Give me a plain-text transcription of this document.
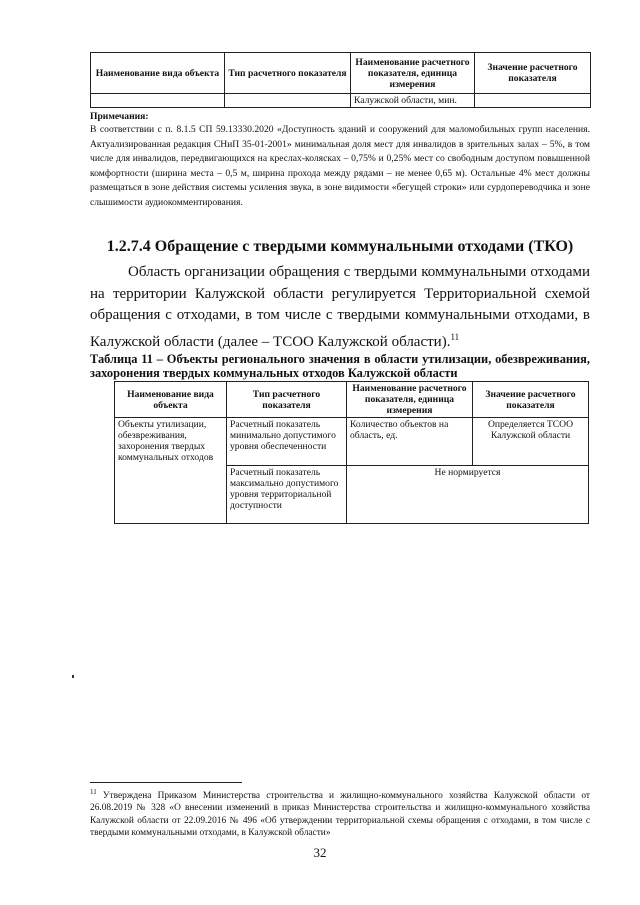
Наименование вида объекта	Тип расчетного показателя	Наименование расчетного показателя, единица измерения	Значение расчетного показателя
		Калужской области, мин.	
Примечания:
В соответствии с п. 8.1.5 СП 59.13330.2020 «Доступность зданий и сооружений для маломобильных групп населения. Актуализированная редакция СНиП 35-01-2001» минимальная доля мест для инвалидов в зрительных залах – 5%, в том числе для инвалидов, передвигающихся на креслах-колясках – 0,75% и 0,25% мест со свободным доступом повышенной комфортности (ширина места – 0,5 м, ширина прохода между рядами – не менее 0,65 м). Остальные 4% мест должны размещаться в зоне действия системы усиления звука, в зоне видимости «бегущей строки» или сурдопереводчика и зоне слышимости аудиокомментирования.
1.2.7.4 Обращение с твердыми коммунальными отходами (ТКО)
Область организации обращения с твердыми коммунальными отходами на территории Калужской области регулируется Территориальной схемой обращения с отходами, в том числе с твердыми коммунальными отходами, в Калужской области (далее – ТСОО Калужской области).$^{11}$
Таблица 11 – Объекты регионального значения в области утилизации, обезвреживания, захоронения твердых коммунальных отходов Калужской области
Наименование вида объекта	Тип расчетного показателя	Наименование расчетного показателя, единица измерения	Значение расчетного показателя
Объекты утилизации, обезвреживания, захоронения твердых коммунальных отходов	Расчетный показатель минимально допустимого уровня обеспеченности	Количество объектов на область, ед.	Определяется ТСОО Калужской области
	Расчетный показатель максимально допустимого уровня территориальной доступности	Не нормируется	
$^{11}$ Утверждена Приказом Министерства строительства и жилищно-коммунального хозяйства Калужской области от 26.08.2019 № 328 «О внесении изменений в приказ Министерства строительства и жилищно-коммунального хозяйства Калужской области от 22.09.2016 № 496 «Об утверждении территориальной схемы обращения с отходами, в том числе с твердыми коммунальными отходами, в Калужской области»
32
